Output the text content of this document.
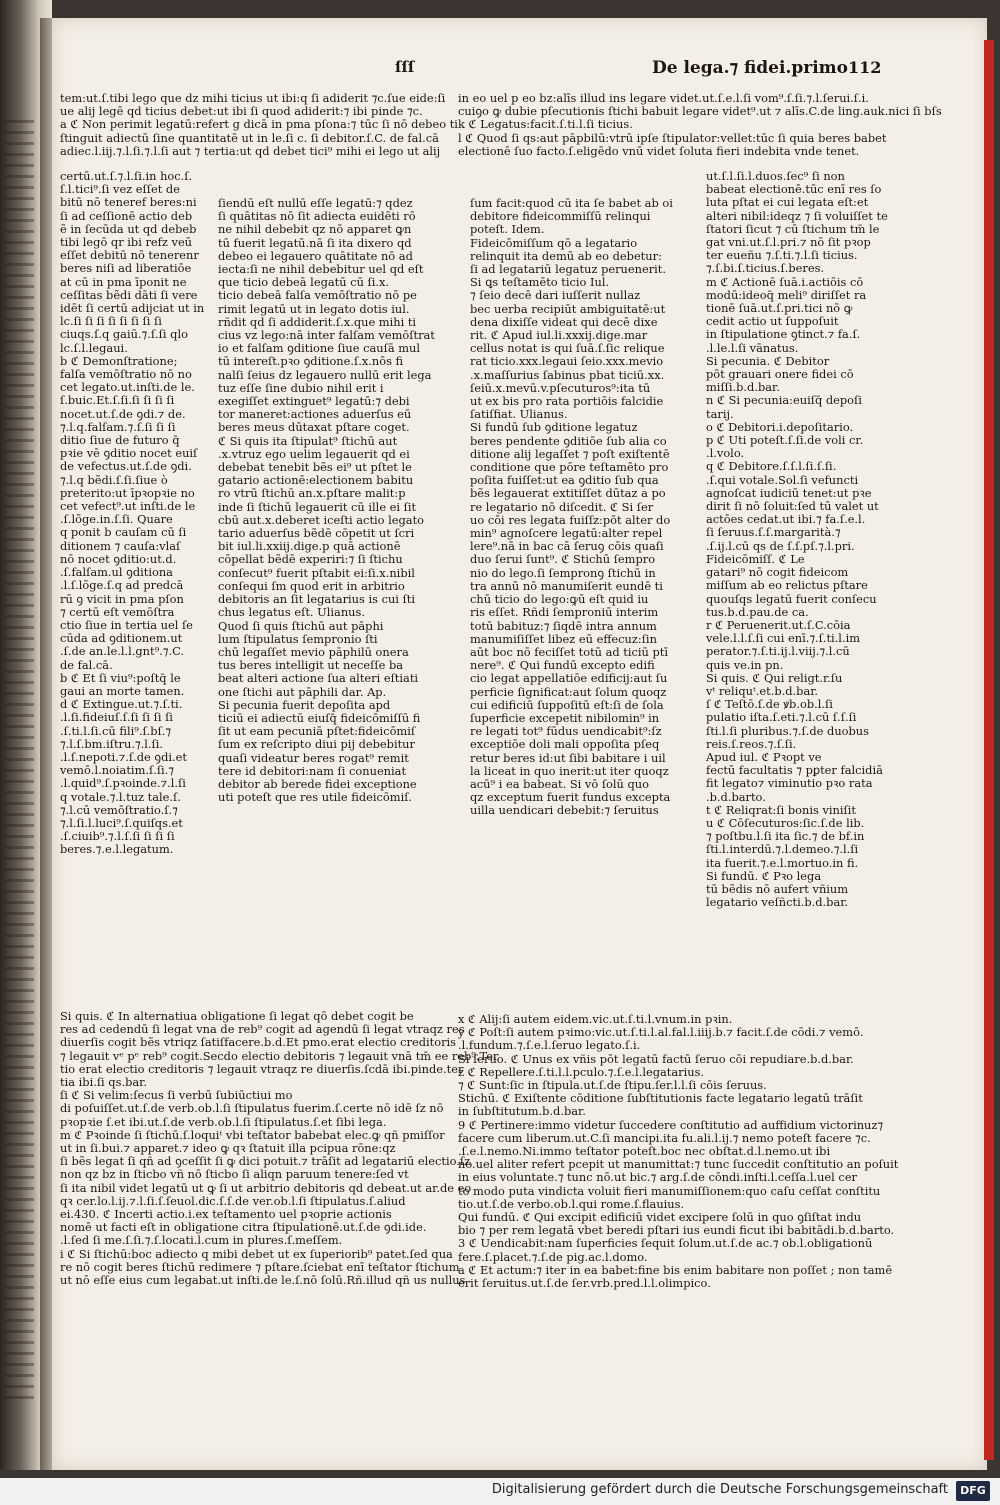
ſſſ	De lega.⁊ fidei.primo 112
tem:ut.ſ.tibi lego que dz mihi ticius ut ibi:q ſi adiderit ⁊c.ſue eide:ſi
ue alij legē qd ticius debet:ut ibi ſi quod adiderit:⁊ ibi pinde ⁊c.
a ℭ Non perimit legatū:refert g dicā in pma pſona:⁊ tūc ſi nō debeo
ſtinguit adiectū ſine quantitatē ut in le.ſi c. ſi debitor.ſ.C. de fal.cā
adiec.l.iij.⁊.l.ſi.⁊.l.ſi aut ⁊ tertia:ut qd debet tici⁹ mihi ei lego ut alij
certū.ut.ſ.⁊.l.ſi.in hoc.ſ.
ſ.l.tici⁹.ſi vez eſſet de
bitū nō teneref beres:ni
ſi ad ceſſionē actio deb
ẽ in ſecūda ut qd debeb
tibi legō qr ibi refz veū
eſſet debitū nō tenerenr
beres niſi ad liberatiōe
at cū in pma īponit ne
ceſſitas bẽdi dāti ſi vere
idēt ſi certū adijciat ut in
lc.ſi ſi ſi ſi ſi ſi ſi ſi
ciuqs.ſ.q gaiū.⁊.ſ.ſi qlo
lc.ſ.l.legaui.
b ℭ Demonſtratione;
falſa vemōſtratio nō no
cet legato.ut.inſti.de le.
ſ.buic.Et.ſ.ſi.ſi ſi ſi ſi
nocet.ut.ſ.de ꝯdi.⁊ de.
⁊.l.q.falſam.⁊.ſ.ſi ſi ſi
ditio ſiue de futuro q̄
pꝛie vē ꝯditio nocet euiſ
de vefectus.ut.ſ.de ꝯdi.
⁊.l.q bẽdi.ſ.ſi.ſiue ò
preterito:ut īpꝛopꝛie no
cet vefect⁹.ut inſti.de le
.ſ.lõge.in.ſ.ſi. Quare
q ponit b cauſam cū ſi
ditionem ⁊ cauſa:vlaſ
nō nocet ꝯditio:ut.d.
.ſ.falſam.ul ꝯditiona
.l.ſ.lõge.ſ.q ad predcā
rū ꝯ vicit in pma pſon
⁊ certū eſt vemōſtra
ctio ſiue in tertia uel ſe
cūda ad ꝯditionem.ut
.ſ.de an.le.l.l.gnt⁹.⁊.C.
de fal.cā.
b ℭ Et ſi viu⁹:poſtq̄ le
gaui an morte tamen.
d ℭ Extingue.ut.⁊.ſ.ti.
.l.ſi.fideiuſ.ſ.ſi ſi ſi ſi
.ſ.ti.l.ſi.cū fili⁹.ſ.bſ.⁊
⁊.l.ſ.bm.iſtru.⁊.l.ſi.
.l.ſ.nepoti.⁊.ſ.de ꝯdi.et
vemō.l.noiatim.ſ.ſi.⁊
.l.quid⁹.ſ.pꝛoinde.⁊.l.ſi
q votale.⁊.l.tuz tale.ſ.
⁊.l.cū vemōſtratio.ſ.⁊
⁊.l.ſi.l.luci⁹.ſ.quiſqs.et
.ſ.ciuib⁹.⁊.l.ſ.ſi ſi ſi ſi
beres.⁊.e.l.legatum.
ſiendū eſt nullū eſſe legatū:⁊ qdez
ſi quātitas nō ſit adiecta euidēti rō
ne nihil debebit qz nō apparet ꝙn
tū fuerit legatū.nā ſi ita dixero qd
debeo ei legauero quātitate nō ad
iecta:ſi ne nihil debebitur uel qd eſt
que ticio debeā legatū cū ſi.x.
ticio debeā falſa vemōſtratio nō pe
rimit legatū ut in legato dotis iul.
rñdit qd ſi addiderit.ſ.x.que mihi ti
cius vz lego:nā inter falſam vemōſtrat
io et falſam ꝯditione ſiue cauſā mul
tū intereſt.pꝛo ꝯditione.ſ.x.nōs fi
nalſi ſeius dz legauero nullū erit lega
tuz eſſe ſine dubio nihil erit i
exegiſſet extinguet⁹ legatū:⁊ debi
tor maneret:actiones aduerſus eū
beres meus dūtaxat pſtare coget.
ℭ Si quis ita ſtipulat⁹ ſtichū aut
.x.vtruz ego uelim legauerit qd ei
debebat tenebit bẽs ei⁹ ut pſtet le
gatario actionē:electionem babitu
ro vtrū ſtichū an.x.pſtare malit:p
inde ſi ſtichū legauerit cū ille ei ſit
cbū aut.x.deberet iceſti actio legato
tario aduerſus bẽdē cōpetit ut ſcri
bit iul.li.xxiij.dige.p quā actionē
cōpellat bẽdē experiri:⁊ ſi ſtichu
conſecut⁹ fuerit pſtabit ei:ſi.x.nibil
conſequi ſm quod erit in arbitrio
debitoris an ſit legatarius is cui ſti
chus legatus eſt. Ulianus.
Quod ſi quis ſtichū aut pāphi
lum ſtipulatus ſempronio ſti
chū legaſſet mevio pāphilū onera
tus beres intelligit ut neceſſe ba
beat alteri actione ſua alteri eſtiati
one ſtichi aut pāphili dar. Ap.
Si pecunia fuerit depoſita apd
ticiū ei adiectū eiuſq̄ fideicōmiſſū fi
ſit ut eam pecuniā pſtet:fideicōmiſ
ſum ex reſcripto diui pij debebitur
quaſi videatur beres rogat⁹ remit
tere id debitori:nam ſi conueniat
debitor ab berede fidei exceptione
uti poteſt que res utile fideicōmiſ.
ſum facit:quod cū ita ſe babet ab oi
debitore fideicommiſſū relinqui
poteſt. Idem.
Fideicōmiſſum qō a legatario
relinquit ita demū ab eo debetur:
ſi ad legatariū legatuz peruenerit.
Si ꝗs teſtamēto ticio Iul.
⁊ ſeio decē dari iuſſerit nullaz
bec uerba recipiūt ambiguitatē:ut
dena dixiſſe videat qui decē dixe
rit. ℭ Apud iul.li.xxxij.dige.mar
cellus notat is qui ſuā.ſ.ſic relique
rat ticio.xxx.legaui ſeio.xxx.mevio
.x.maſſurius ſabinus pbat ticiū.xx.
ſeiū.x.mevū.v.pſecuturos⁹:ita tū
ut ex bis pro rata portiōis falcidie
ſatiſfiat. Ulianus.
Si fundū ſub ꝯditione legatuz
beres pendente ꝯditiōe ſub alia co
ditione alij legaſſet ⁊ poſt exiſtentē
conditione que pōre teſtamēto pro
poſita fuiſſet:ut ea ꝯditio ſub qua
bẽs legauerat extitiſſet dūtaz a po
re legatario nō diſcedit. ℭ Si ſer
uo cōi res legata fuiſſz:pōt alter do
min⁹ agnoſcere legatū:alter repel
lere⁹.nā in bac cā ſeruꝯ cōis quaſi
duo ſerui ſunt⁹. ℭ Stichū ſempro
nio do lego.ſi ſempronꝯ ſtichū in
tra annū nō manumiſerit eundē ti
chū ticio do lego:ꝙū eſt quid iu
ris eſſet. Rñdi ſemproniū interim
totū babituz:⁊ ſiqdē intra annum
manumiſiſſet libez eū effecuz:ſin
aūt boc nō feciſſet totū ad ticiū ptī
nere⁹. ℭ Qui fundū excepto edifi
cio legat appellatiōe edificij:aut ſu
perficie ſignificat:aut ſolum quoqz
cui edificiū ſuppoſitū eſt:ſi de ſola
ſuperficie excepetit nibilomin⁹ in
re legati tot⁹ fūdus uendicabit⁹:ſz
exceptiōe doli mali oppoſita pſeq
retur beres id:ut ſibi babitare i uil
la liceat in quo inerit:ut iter quoqz
acū⁹ i ea babeat. Si vō ſolū quo
qz exceptum fuerit fundus excepta
uilla uendicari debebit:⁊ ſeruitus
in eo uel p eo bz:alīs illud ins legare videt.ut.ſ.e.l.ſi vom⁹.ſ.ſi.⁊.l.ſerui.ſ.i.
cuiꝯo ꝙ dubie pſecutionis ſtichi babuit legare videt⁹.ut ⁊ alīs.C.de ling.auk.nici
k ℭ Legatus:facit.ſ.ti.l.ſi ticius.
l ℭ Quod ſi qs:aut pāpbilū:vtrū ipſe ſtipulator:vellet:tūc ſi quia beres babet
electionē ſuo facto.ſ.eligēdo vnū videt ſoluta fieri indebita vnde tenet.
ut.ſ.l.ſi.l.duos.ſec⁹ ſi non
babeat electionē.tūc enī res ſo
luta pſtat ei cui legata eſt:et
alteri nibil:ideqz ⁊ ſi voluiſſet te
ſtatori ſicut ⁊ cū ſtichum tm̄ le
gat vni.ut.ſ.l.pri.⁊ nō ſit pꝛop
ter eueñu ⁊.ſ.ti.⁊.l.ſi ticius.
⁊.ſ.bi.ſ.ticius.ſ.beres.
m ℭ Actionē ſuā.i.actiōis cō
modū:ideoq̄ meli⁹ diriſſet ra
tionē ſuā.ut.ſ.pri.tici nō ꝙ
cedit actio ut ſuppoſuit
in ſtipulatione ꝯtinct.⁊ fa.ſ.
.l.le.l.ſi vānatus.
Si pecunia. ℭ Debitor
pōt grauari onere fidei cō
miſſi.b.d.bar.
n ℭ Si pecunia:euiſq̄ depoſi
tarij.
o ℭ Debitori.i.depoſitario.
p ℭ Uti poteſt.ſ.ſi.de voli cr.
.l.volo.
q ℭ Debitore.ſ.ſ.l.ſi.ſ.ſi.
.ſ.qui votale.Sol.ſi vefuncti
agnoſcat iudiciū tenet:ut pꝛe
dirit ſi nō ſoluit:ſed tū valet ut
actōes cedat.ut ibi.⁊ fa.ſ.e.l.
ſi ſeruus.ſ.ſ.margarità.⁊
.ſ.ij.l.cū qs de ſ.ſ.pſ.⁊.l.pri.
Fideicōmiſſ. ℭ Le
gatari⁹ nō cogit fideicom
miſſum ab eo relictus pſtare
quouſqs legatū fuerit conſecu
tus.b.d.pau.de ca.
r ℭ Peruenerit.ut.ſ.C.cōia
vele.l.l.ſ.ſi cui enī.⁊.ſ.ti.l.im
perator.⁊.ſ.ti.ij.l.viij.⁊.l.cū
quis ve.in pn.
Si quis. ℭ Qui religt.r.ſu
vᵗ reliquᵗ.et.b.d.bar.
ſ ℭ Teſtō.ſ.de ꝟb.ob.l.ſi
pulatio iſta.ſ.eti.⁊.l.cū ſ.ſ.ſi
ſti.l.ſi pluribus.⁊.ſ.de duobus
reis.ſ.reos.⁊.ſ.ſi.
Apud iul. ℭ Pꝛopt ve
fectū facultatis ⁊ pꝑter falcidiā
fit legato⁊ viminutio pꝛo rata
.b.d.barto.
t ℭ Reliqrat:ſi bonis viniſit
u ℭ Cōſecuturos:ſic.ſ.de lib.
⁊ poſtbu.l.ſi ita ſic.⁊ de bf.in
ſti.l.interdū.⁊.l.demeo.⁊.l.ſi
ita fuerit.⁊.e.l.mortuo.in fi.
Si fundū. ℭ Pꝛo lega
tū bẽdis nō aufert vñium
legatario veſñcti.b.d.bar.
Si quis. ℭ In alternatiua obligatione ſi legat qō debet cogit be
res ad cedendū ſi legat vna de reb⁹ cogit ad agendū ſi legat vtraqz
diuerſis cogit bẽs vtriqz ſatiſfacere.b.d.Et pmo.erat electio creditoris
⁊ legauit vᵉ pᵉ reb⁹ cogit.Secdo electio debitoris ⁊ legauit vnā tm̄ ee
tio erat electio creditoris ⁊ legauit vtraqz re diuerſis.ſcdā ibi.pinde.ter
tia ibi.ſi qs.bar.
ſi ℭ Si velim:ſecus ſi verbū ſubiūctiui mo
di poſuiſſet.ut.ſ.de verb.ob.l.ſi ſtipulatus fuerim.ſ.certe nō idē ſz nō
pꝛopꝛie ſ.et ibi.ut.ſ.de verb.ob.l.ſi ſtipulatus.ſ.et ſibi lega.
m ℭ Pꝛoinde ſi ſtichū.ſ.loquiᵗ vbi teſtator babebat elec.ꝙ qñ pmiſſor
ut in ſi.bui.⁊ apparet.⁊ ideo ꝙ qꝛ ſtatuit illa pcipua rōne:qz
ſi bẽs legat ſi qñ ad ꝯceſſit ſi ꝙ dici potuit.⁊ trāſit ad legatariū electio.ſz
non qz bz in ſticbo vñ nō ſticbo ſi aliqn paruum tenere:ſed vt
ſi ita nibil videt legatū ut ꝙ ſi ut arbitrio debitoris qd debeat.ut ar.de
qꝛ cer.lo.l.ij.⁊.l.ſi.ſ.ſeuol.dic.ſ.ſ.de ver.ob.l.ſi ſtipulatus.ſ.aliud
ei.430. ℭ Incerti actio.i.ex teſtamento uel pꝛoprie actionis
nomē ut facti eſt in obligatione citra ſtipulationē.ut.ſ.de ꝯdi.ide.
.l.ſed ſi me.ſ.ſi.⁊.ſ.locati.l.cum in plures.ſ.meſſem.
i ℭ Si ſtichū:boc adiecto q mibi debet ut ex ſuperiorib⁹ patet.ſed qua
re nō cogit beres ſtichū redimere ⁊ pſtare.ſciebat enī teſtator ſtichum
ut nō eſſe eius cum legabat.ut inſti.de le.ſ.nō ſolū.Rñ.illud qñ us nullus
x ℭ Alij:ſi autem eidem.vic.ut.ſ.ti.l.vnum.in pꝛin.
y ℭ Poſt:ſi autem pꝛimo:vic.ut.ſ.ti.l.al.fal.l.iiij.b.⁊ facit.ſ.de cōdi.⁊ vemō.
.l.fundum.⁊.ſ.e.l.ſeruo legato.ſ.i.
Si ſeruo. ℭ Unus ex vñis pōt legatū factū ſeruo cōi repudiare.b.d.bar.
z ℭ Repellere.ſ.ti.l.l.pculo.⁊.ſ.e.l.legatarius.
⁊ ℭ Sunt:ſic in ſtipula.ut.ſ.de ſtipu.ſer.l.l.ſi cōis ſeruus.
Stichū. ℭ Exiſtente cōditione ſubſtitutionis facte legatario legatū trāſit
in ſubſtitutum.b.d.bar.
9 ℭ Pertinere:immo videtur ſuccedere conſtitutio ad auffidium victorinuz⁊
facere cum liberum.ut.C.ſi mancipi.ita fu.ali.l.ij.⁊ nemo poteſt facere ⁊c.
.ſ.e.l.nemo.Ni.immo teſtator poteſt.boc nec obſtat.d.l.nemo.ut ibi
no.uel aliter refert pcepit ut manumittat:⁊ tunc ſuccedit conſtitutio an poſuit
in eius voluntate.⁊ tunc nō.ut bic.⁊ arg.ſ.de cōndi.inſti.l.ceſſa.l.uel cer
to modo puta vindicta voluit fieri manumiſſionem:quo caſu ceſſat conſtitu
tio.ut.ſ.de verbo.ob.l.qui rome.ſ.flauius.
Qui fundū. ℭ Qui excipit edificiū videt excipere ſolū in quo ꝯſiſtat indu
bio ⁊ per rem legatā vbet beredi pſtari ius eundi ficut ibi babitādi.b.d.barto.
3 ℭ Uendicabit:nam ſuperficies ſequit ſolum.ut.ſ.de ac.⁊ ob.l.obligationū
fere.ſ.placet.⁊.ſ.de pig.ac.l.domo.
a ℭ Et actum:⁊ iter in ea babet:fine bis enim babitare non poſſet ; non tamē
erit ſeruitus.ut.ſ.de ſer.vrb.pred.l.l.olimpico.
Digitalisierung gefördert durch die Deutsche Forschungsgemeinschaft	DFG
